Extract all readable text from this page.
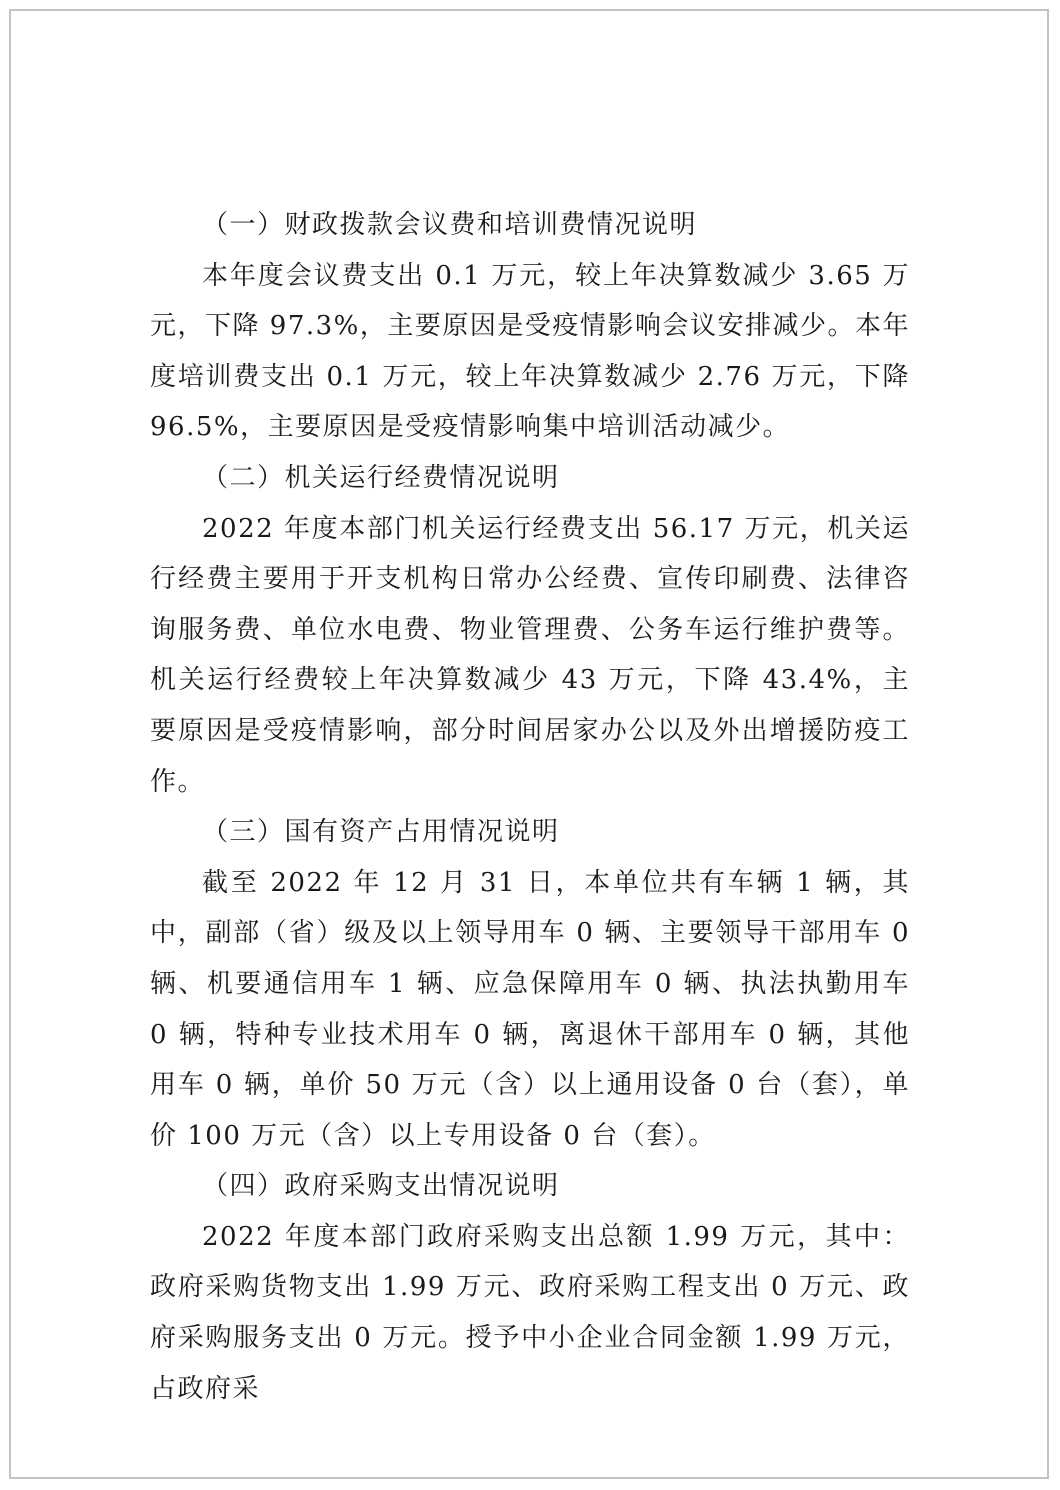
（一）财政拨款会议费和培训费情况说明

本年度会议费支出 0.1 万元，较上年决算数减少 3.65 万元，下降 97.3%，主要原因是受疫情影响会议安排减少。本年度培训费支出 0.1 万元，较上年决算数减少 2.76 万元，下降 96.5%，主要原因是受疫情影响集中培训活动减少。

（二）机关运行经费情况说明

2022 年度本部门机关运行经费支出 56.17 万元，机关运行经费主要用于开支机构日常办公经费、宣传印刷费、法律咨询服务费、单位水电费、物业管理费、公务车运行维护费等。机关运行经费较上年决算数减少 43 万元，下降 43.4%，主要原因是受疫情影响，部分时间居家办公以及外出增援防疫工作。

（三）国有资产占用情况说明

截至 2022 年 12 月 31 日，本单位共有车辆 1 辆，其中，副部（省）级及以上领导用车 0 辆、主要领导干部用车 0 辆、机要通信用车 1 辆、应急保障用车 0 辆、执法执勤用车 0 辆，特种专业技术用车 0 辆，离退休干部用车 0 辆，其他用车 0 辆，单价 50 万元（含）以上通用设备 0 台（套），单价 100 万元（含）以上专用设备 0 台（套）。

（四）政府采购支出情况说明

2022 年度本部门政府采购支出总额 1.99 万元，其中：政府采购货物支出 1.99 万元、政府采购工程支出 0 万元、政府采购服务支出 0 万元。授予中小企业合同金额 1.99 万元，占政府采
